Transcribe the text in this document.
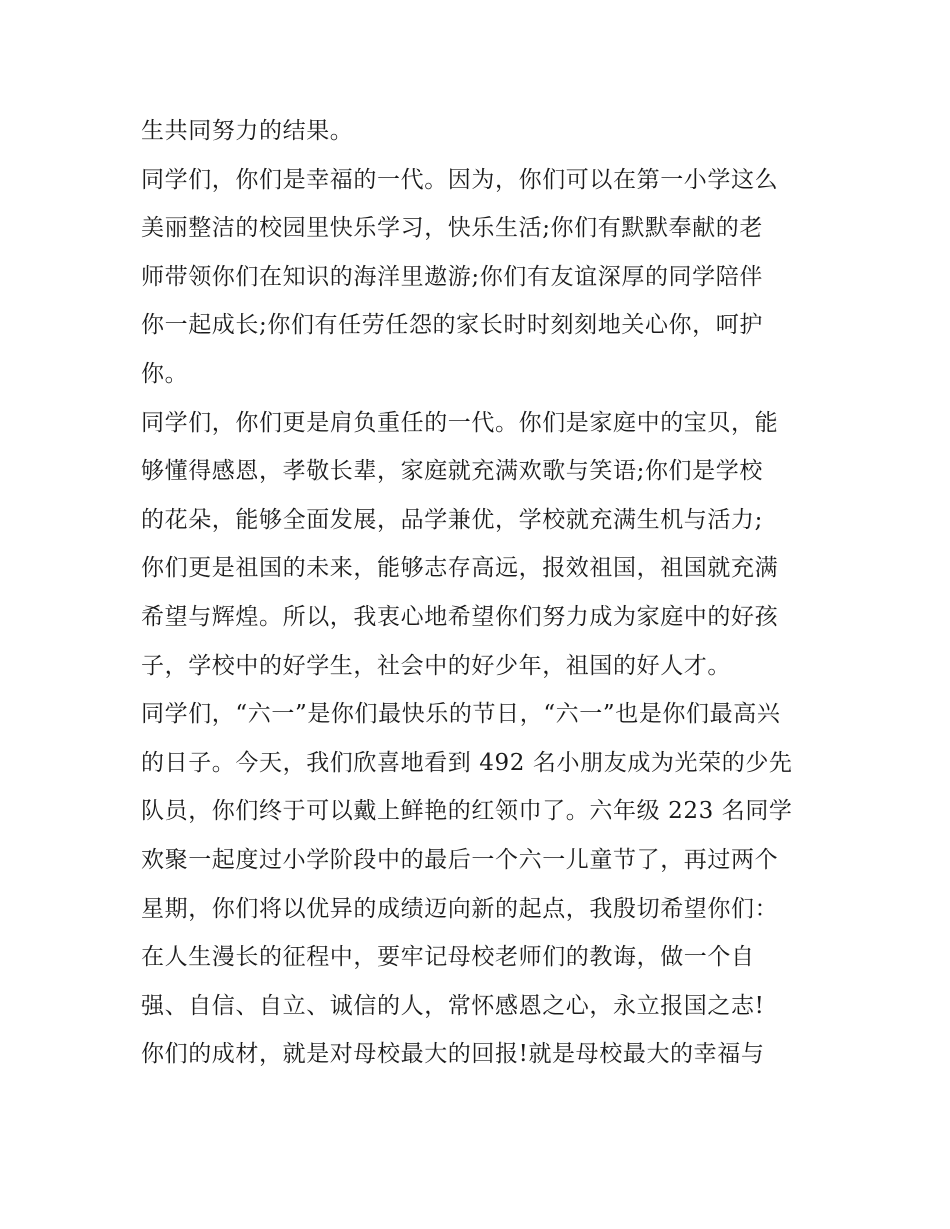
生共同努力的结果。
同学们，你们是幸福的一代。因为，你们可以在第一小学这么
美丽整洁的校园里快乐学习，快乐生活;你们有默默奉献的老
师带领你们在知识的海洋里遨游;你们有友谊深厚的同学陪伴
你一起成长;你们有任劳任怨的家长时时刻刻地关心你，呵护
你。
同学们，你们更是肩负重任的一代。你们是家庭中的宝贝，能
够懂得感恩，孝敬长辈，家庭就充满欢歌与笑语;你们是学校
的花朵，能够全面发展，品学兼优，学校就充满生机与活力;
你们更是祖国的未来，能够志存高远，报效祖国，祖国就充满
希望与辉煌。所以，我衷心地希望你们努力成为家庭中的好孩
子，学校中的好学生，社会中的好少年，祖国的好人才。
同学们，“六一”是你们最快乐的节日，“六一”也是你们最高兴
的日子。今天，我们欣喜地看到 492 名小朋友成为光荣的少先
队员，你们终于可以戴上鲜艳的红领巾了。六年级 223 名同学
欢聚一起度过小学阶段中的最后一个六一儿童节了，再过两个
星期，你们将以优异的成绩迈向新的起点，我殷切希望你们：
在人生漫长的征程中，要牢记母校老师们的教诲，做一个自
强、自信、自立、诚信的人，常怀感恩之心，永立报国之志!
你们的成材，就是对母校最大的回报!就是母校最大的幸福与
